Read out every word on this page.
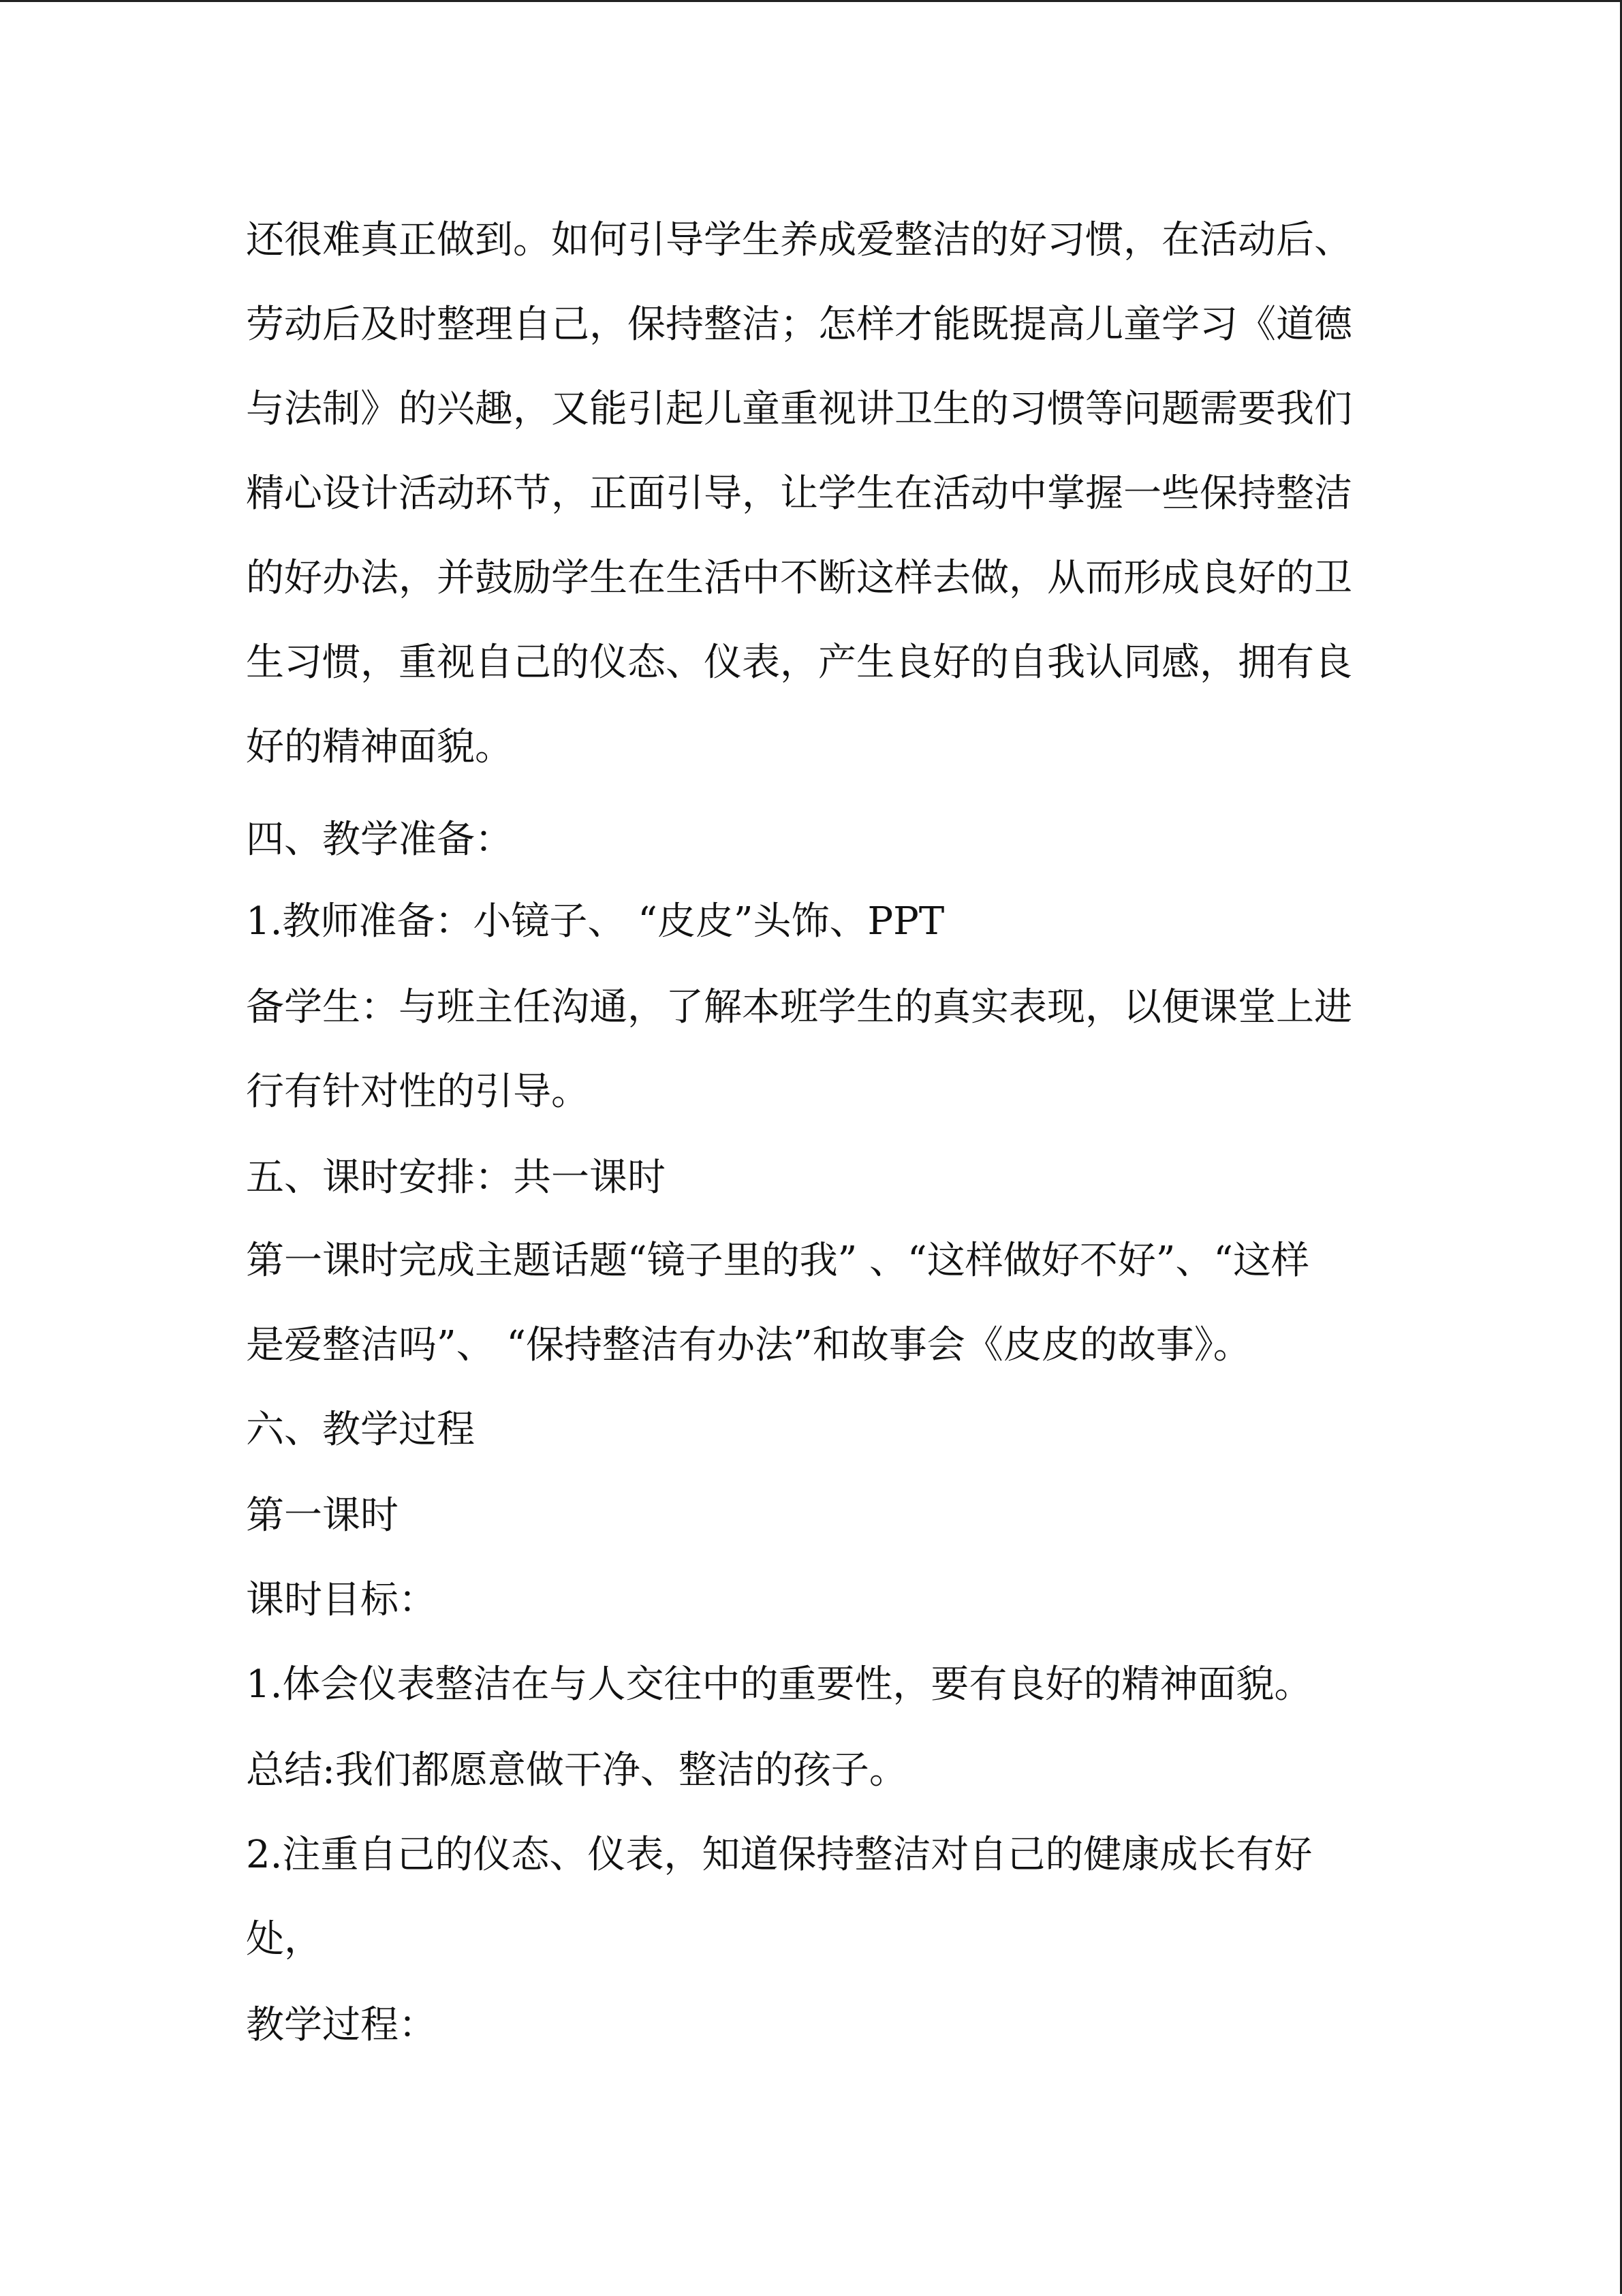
还很难真正做到。如何引导学生养成爱整洁的好习惯，在活动后、
劳动后及时整理自己，保持整洁；怎样才能既提高儿童学习《道德
与法制》的兴趣，又能引起儿童重视讲卫生的习惯等问题需要我们
精心设计活动环节，正面引导，让学生在活动中掌握一些保持整洁
的好办法，并鼓励学生在生活中不断这样去做，从而形成良好的卫
生习惯，重视自己的仪态、仪表，产生良好的自我认同感，拥有良
好的精神面貌。
四、教学准备：
1.教师准备：小镜子、 “皮皮”头饰、PPT
备学生：与班主任沟通，了解本班学生的真实表现，以便课堂上进
行有针对性的引导。
五、课时安排：共一课时
第一课时完成主题话题“镜子里的我” 、“这样做好不好”、“这样
是爱整洁吗”、 “保持整洁有办法”和故事会《皮皮的故事》。
六、教学过程
第一课时
课时目标：
1.体会仪表整洁在与人交往中的重要性，要有良好的精神面貌。
总结:我们都愿意做干净、整洁的孩子。
2.注重自己的仪态、仪表，知道保持整洁对自己的健康成长有好
处，
教学过程：
